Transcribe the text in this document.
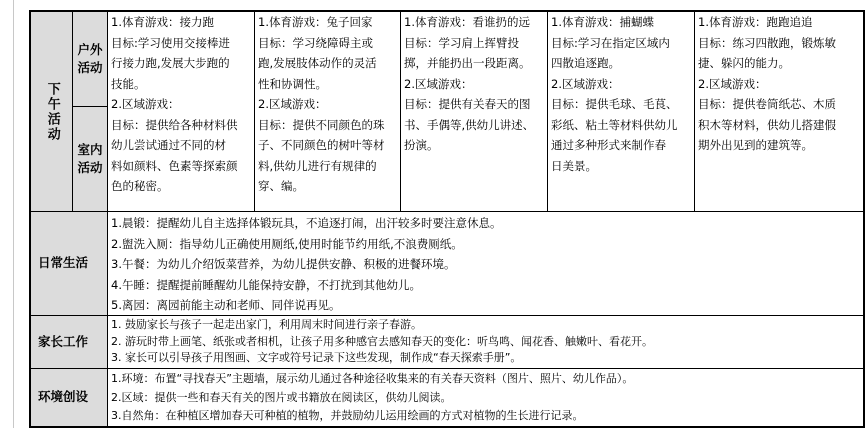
下午活动
户外活动
室内活动
1.体育游戏：接力跑
目标:学习使用交接棒进
行接力跑,发展大步跑的
技能。
2.区域游戏：
目标：提供给各种材料供
幼儿尝试通过不同的材
料如颜料、色素等探索颜
色的秘密。
1.体育游戏：兔子回家
目标：学习绕障碍主或
跑,发展肢体动作的灵活
性和协调性。
2.区域游戏：
目标：提供不同颜色的珠
子、不同颜色的树叶等材
料,供幼儿进行有规律的
穿、编。
1.体育游戏：看谁扔的远
目标：学习肩上挥臂投
掷，并能扔出一段距离。
2.区域游戏：
目标：提供有关春天的图
书、手偶等,供幼儿讲述、
扮演。
1.体育游戏：捕蝴蝶
目标:学习在指定区域内
四散追逐跑。
2.区域游戏：
目标：提供毛球、毛茛、
彩纸、粘土等材料供幼儿
通过多种形式来制作春
日美景。
1.体育游戏：跑跑追追
目标：练习四散跑，锻炼敏
捷、躲闪的能力。
2.区域游戏：
目标：提供卷筒纸芯、木质
积木等材料，供幼儿搭建假
期外出见到的建筑等。
日常生活
1.晨锻：提醒幼儿自主选择体锻玩具，不追逐打闹，出汗较多时要注意休息。
2.盥洗入厕：指导幼儿正确使用厕纸,使用时能节约用纸,不浪费厕纸。
3.午餐：为幼儿介绍饭菜营养，为幼儿提供安静、积极的进餐环境。
4.午睡：提醒提前睡醒幼儿能保持安静，不打扰到其他幼儿。
5.离园：离园前能主动和老师、同伴说再见。
家长工作
1. 鼓励家长与孩子一起走出家门，利用周末时间进行亲子春游。
2. 游玩时带上画笔、纸张或者相机，让孩子用多种感官去感知春天的变化：听鸟鸣、闻花香、触嫩叶、看花开。
3. 家长可以引导孩子用图画、文字或符号记录下这些发现，制作成“春天探索手册”。
环境创设
1.环境：布置“寻找春天”主题墙，展示幼儿通过各种途径收集来的有关春天资料（图片、照片、幼儿作品）。
2.区域：提供一些和春天有关的图片或书籍放在阅读区，供幼儿阅读。
3.自然角：在种植区增加春天可种植的植物，并鼓励幼儿运用绘画的方式对植物的生长进行记录。
